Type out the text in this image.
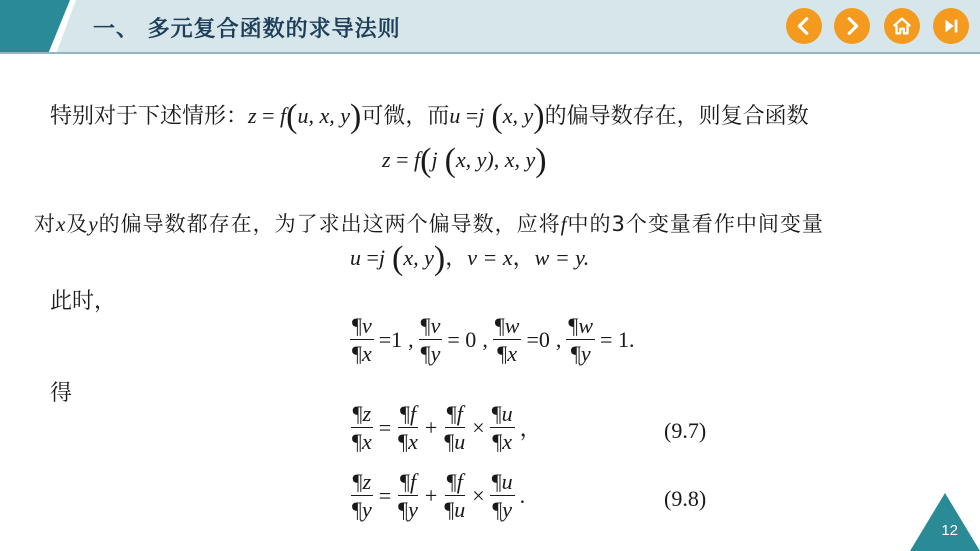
一、 多元复合函数的求导法则
特别对于下述情形：z = f(u, x, y)可微，而u =j (x, y)的偏导数存在，则复合函数
z = f(j (x, y), x, y)
对x及y的偏导数都存在，为了求出这两个偏导数，应将f中的3个变量看作中间变量
u =j (x, y)，v = x，w = y.
此时，
$\frac{\P v}{\P x} =1$ , $\frac{\P v}{\P y} = 0$ , $\frac{\P w}{\P x} =0$ , $\frac{\P w}{\P y} = 1$.
得
$\frac{\P z}{\P x} = \frac{\P f}{\P x} + \frac{\P f}{\P u} \times \frac{\P u}{\P x}$ ，	(9.7)
$\frac{\P z}{\P y} = \frac{\P f}{\P y} + \frac{\P f}{\P u} \times \frac{\P u}{\P y}$ .	(9.8)
12
